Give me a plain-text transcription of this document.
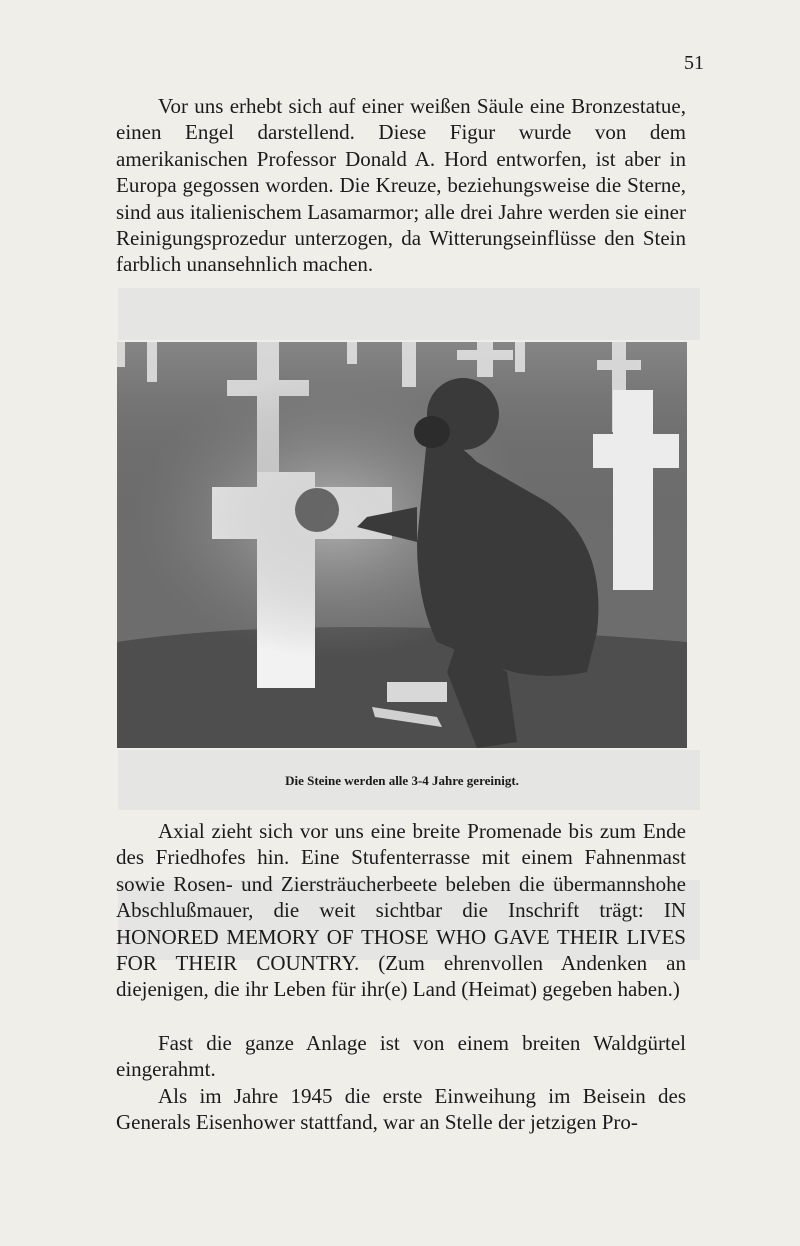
51

Vor uns erhebt sich auf einer weißen Säule eine Bronzestatue, einen Engel darstellend. Diese Figur wurde von dem amerikanischen Professor Donald A. Hord entworfen, ist aber in Europa gegossen worden. Die Kreuze, beziehungsweise die Sterne, sind aus italienischem Lasamarmor; alle drei Jahre werden sie einer Reinigungsprozedur unterzogen, da Witterungseinflüsse den Stein farblich unansehnlich machen.

Die Steine werden alle 3-4 Jahre gereinigt.

Axial zieht sich vor uns eine breite Promenade bis zum Ende des Friedhofes hin. Eine Stufenterrasse mit einem Fahnenmast sowie Rosen- und Ziersträucherbeete beleben die übermannshohe Abschlußmauer, die weit sichtbar die Inschrift trägt: IN HONORED MEMORY OF THOSE WHO GAVE THEIR LIVES FOR THEIR COUNTRY. (Zum ehrenvollen Andenken an diejenigen, die ihr Leben für ihr(e) Land (Heimat) gegeben haben.)

Fast die ganze Anlage ist von einem breiten Waldgürtel eingerahmt.

Als im Jahre 1945 die erste Einweihung im Beisein des Generals Eisenhower stattfand, war an Stelle der jetzigen Pro-
